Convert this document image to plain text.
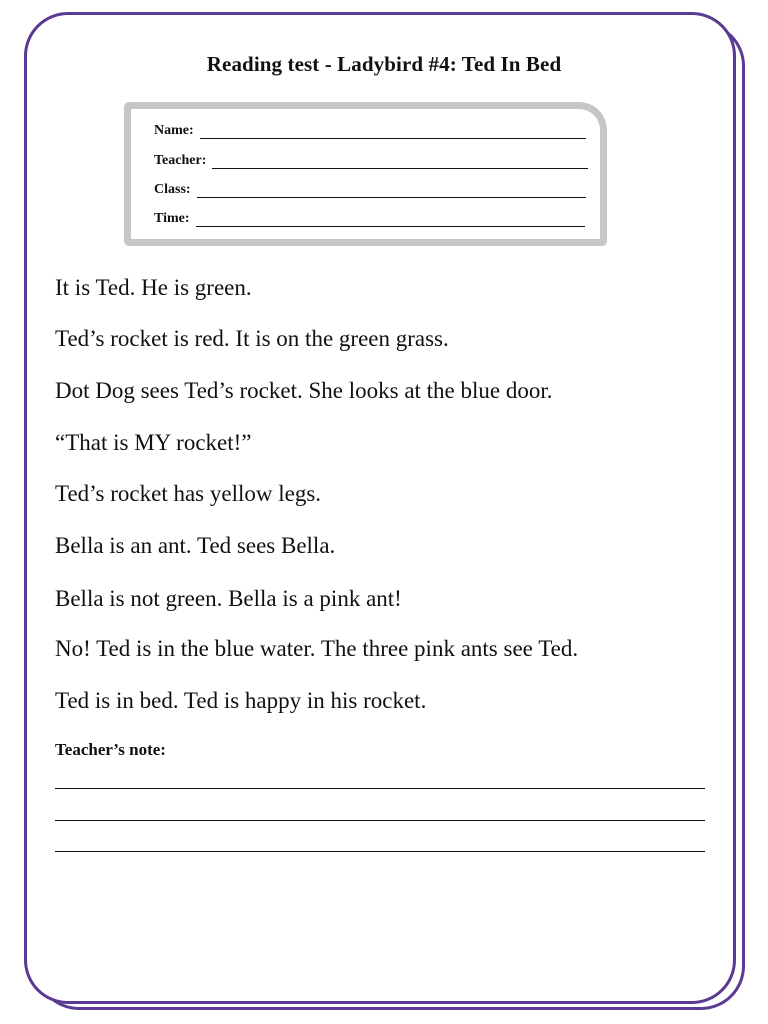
Reading test - Ladybird #4: Ted In Bed
Name:
Teacher:
Class:
Time:
It is Ted. He is green.
Ted’s rocket is red. It is on the green grass.
Dot Dog sees Ted’s rocket. She looks at the blue door.
“That is MY rocket!”
Ted’s rocket has yellow legs.
Bella is an ant. Ted sees Bella.
Bella is not green. Bella is a pink ant!
No! Ted is in the blue water. The three pink ants see Ted.
Ted is in bed. Ted is happy in his rocket.
Teacher’s note:
